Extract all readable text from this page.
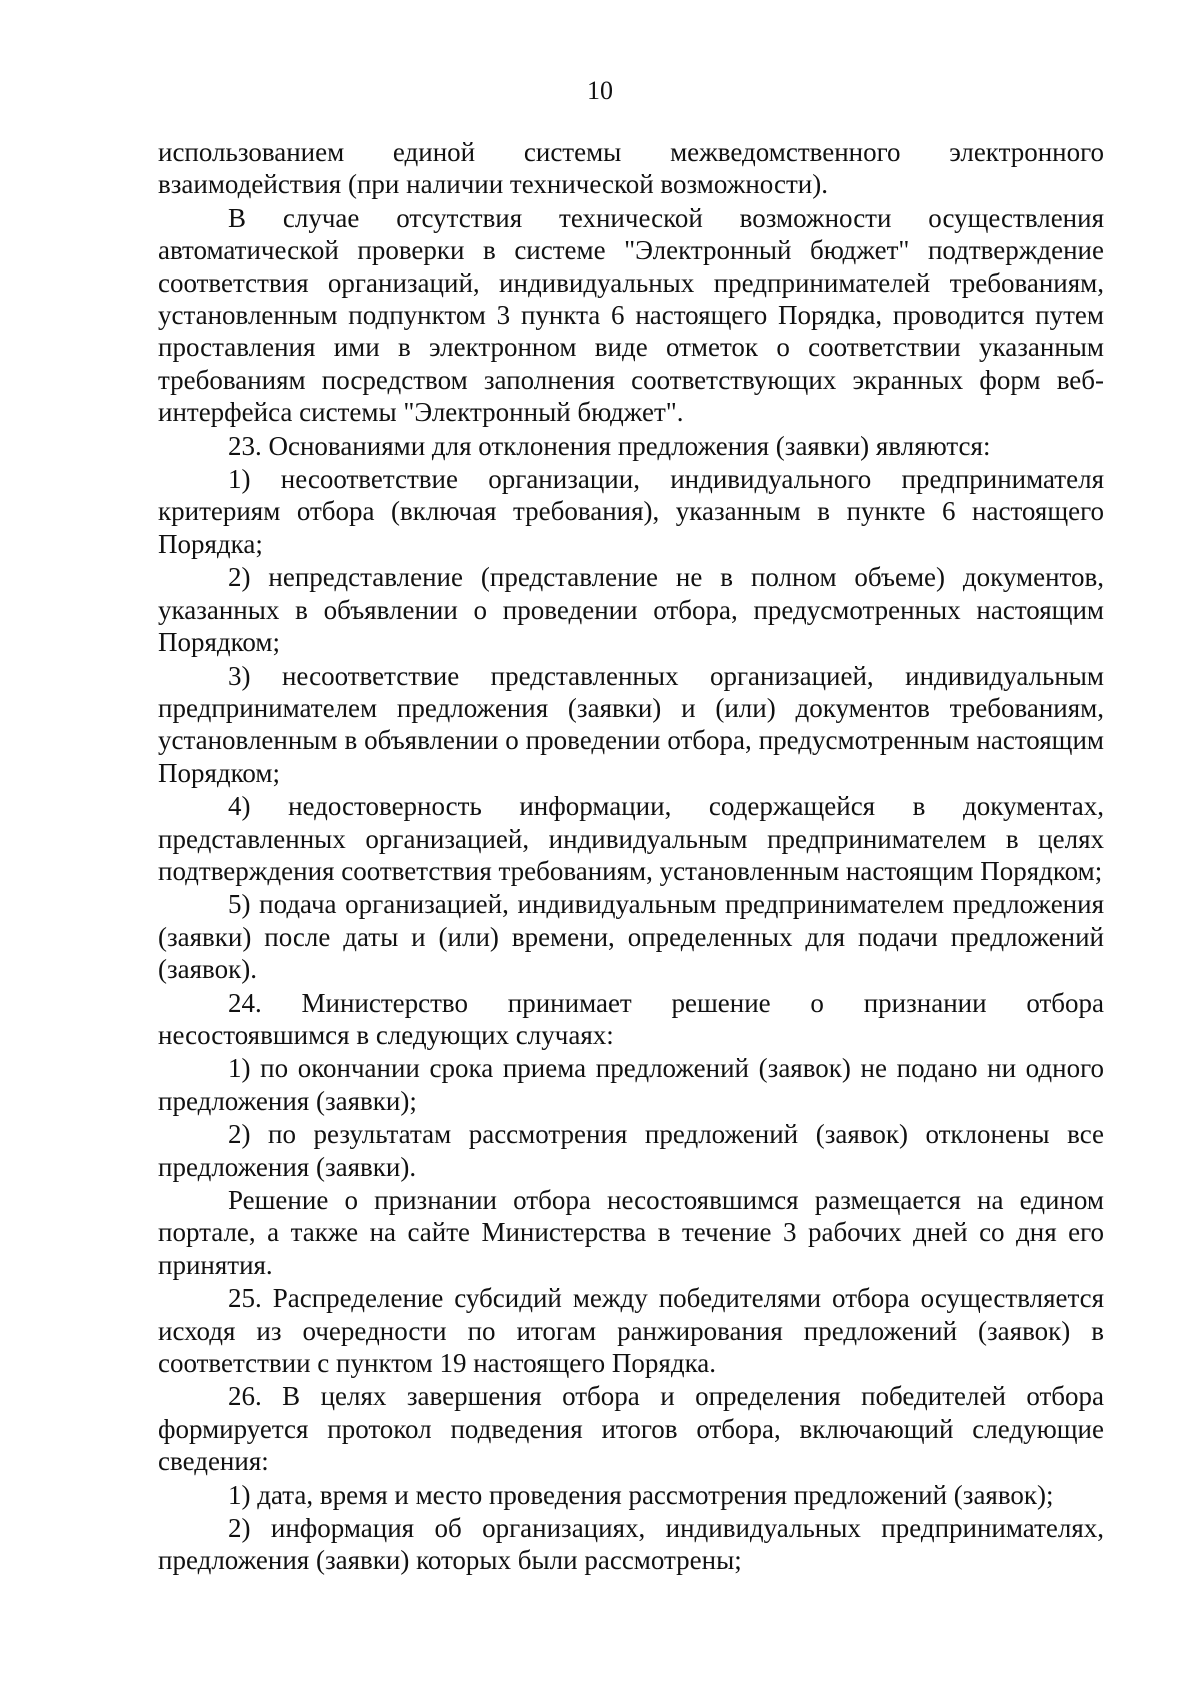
10

использованием единой системы межведомственного электронного взаимодействия (при наличии технической возможности).

В случае отсутствия технической возможности осуществления автоматической проверки в системе "Электронный бюджет" подтверждение соответствия организаций, индивидуальных предпринимателей требованиям, установленным подпунктом 3 пункта 6 настоящего Порядка, проводится путем проставления ими в электронном виде отметок о соответствии указанным требованиям посредством заполнения соответствующих экранных форм веб-интерфейса системы "Электронный бюджет".

23. Основаниями для отклонения предложения (заявки) являются:

1) несоответствие организации, индивидуального предпринимателя критериям отбора (включая требования), указанным в пункте 6 настоящего Порядка;

2) непредставление (представление не в полном объеме) документов, указанных в объявлении о проведении отбора, предусмотренных настоящим Порядком;

3) несоответствие представленных организацией, индивидуальным предпринимателем предложения (заявки) и (или) документов требованиям, установленным в объявлении о проведении отбора, предусмотренным настоящим Порядком;

4) недостоверность информации, содержащейся в документах, представленных организацией, индивидуальным предпринимателем в целях подтверждения соответствия требованиям, установленным настоящим Порядком;

5) подача организацией, индивидуальным предпринимателем предложения (заявки) после даты и (или) времени, определенных для подачи предложений (заявок).

24. Министерство принимает решение о признании отбора несостоявшимся в следующих случаях:

1) по окончании срока приема предложений (заявок) не подано ни одного предложения (заявки);

2) по результатам рассмотрения предложений (заявок) отклонены все предложения (заявки).

Решение о признании отбора несостоявшимся размещается на едином портале, а также на сайте Министерства в течение 3 рабочих дней со дня его принятия.

25. Распределение субсидий между победителями отбора осуществляется исходя из очередности по итогам ранжирования предложений (заявок) в соответствии с пунктом 19 настоящего Порядка.

26. В целях завершения отбора и определения победителей отбора формируется протокол подведения итогов отбора, включающий следующие сведения:

1) дата, время и место проведения рассмотрения предложений (заявок);

2) информация об организациях, индивидуальных предпринимателях, предложения (заявки) которых были рассмотрены;
